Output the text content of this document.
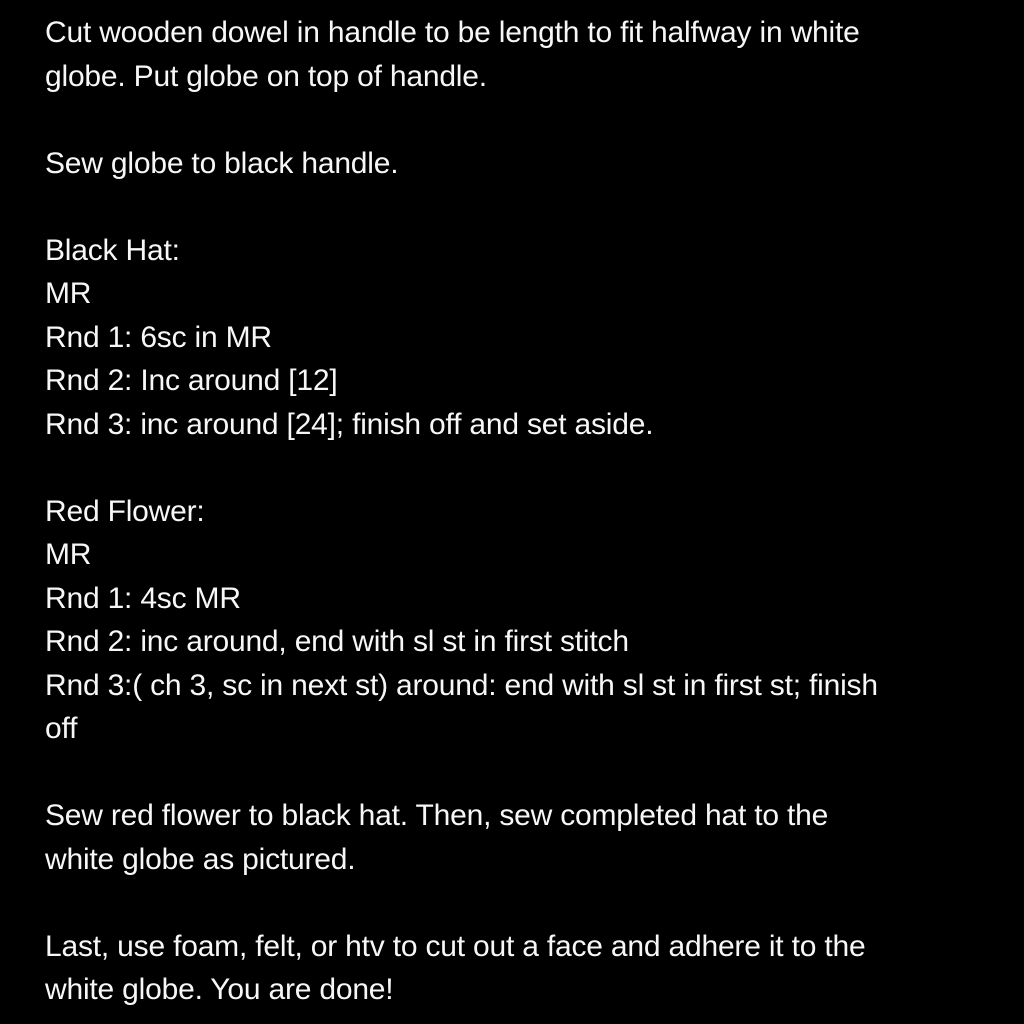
Cut wooden dowel in handle to be length to fit halfway in white
globe. Put globe on top of handle.
Sew globe to black handle.
Black Hat:
MR
Rnd 1: 6sc in MR
Rnd 2: Inc around [12]
Rnd 3: inc around [24]; finish off and set aside.
Red Flower:
MR
Rnd 1: 4sc MR
Rnd 2: inc around, end with sl st in first stitch
Rnd 3:( ch 3, sc in next st) around: end with sl st in first st; finish
off
Sew red flower to black hat. Then, sew completed hat to the
white globe as pictured.
Last, use foam, felt, or htv to cut out a face and adhere it to the
white globe. You are done!
